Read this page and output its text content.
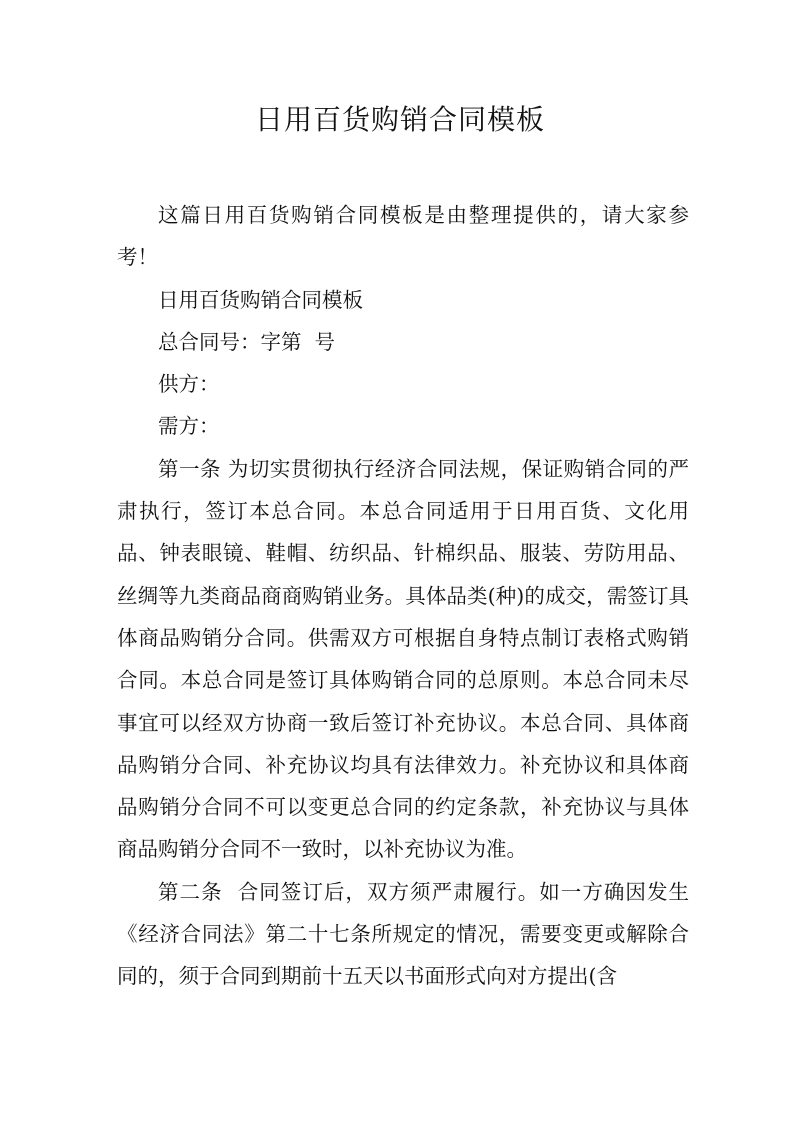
日用百货购销合同模板

这篇日用百货购销合同模板是由整理提供的，请大家参考！

日用百货购销合同模板

总合同号：字第  号

供方：

需方：

第一条 为切实贯彻执行经济合同法规，保证购销合同的严肃执行，签订本总合同。本总合同适用于日用百货、文化用品、钟表眼镜、鞋帽、纺织品、针棉织品、服装、劳防用品、丝绸等九类商品商商购销业务。具体品类(种)的成交，需签订具体商品购销分合同。供需双方可根据自身特点制订表格式购销合同。本总合同是签订具体购销合同的总原则。本总合同未尽事宜可以经双方协商一致后签订补充协议。本总合同、具体商品购销分合同、补充协议均具有法律效力。补充协议和具体商品购销分合同不可以变更总合同的约定条款，补充协议与具体商品购销分合同不一致时，以补充协议为准。

第二条  合同签订后，双方须严肃履行。如一方确因发生《经济合同法》第二十七条所规定的情况，需要变更或解除合同的，须于合同到期前十五天以书面形式向对方提出(含
